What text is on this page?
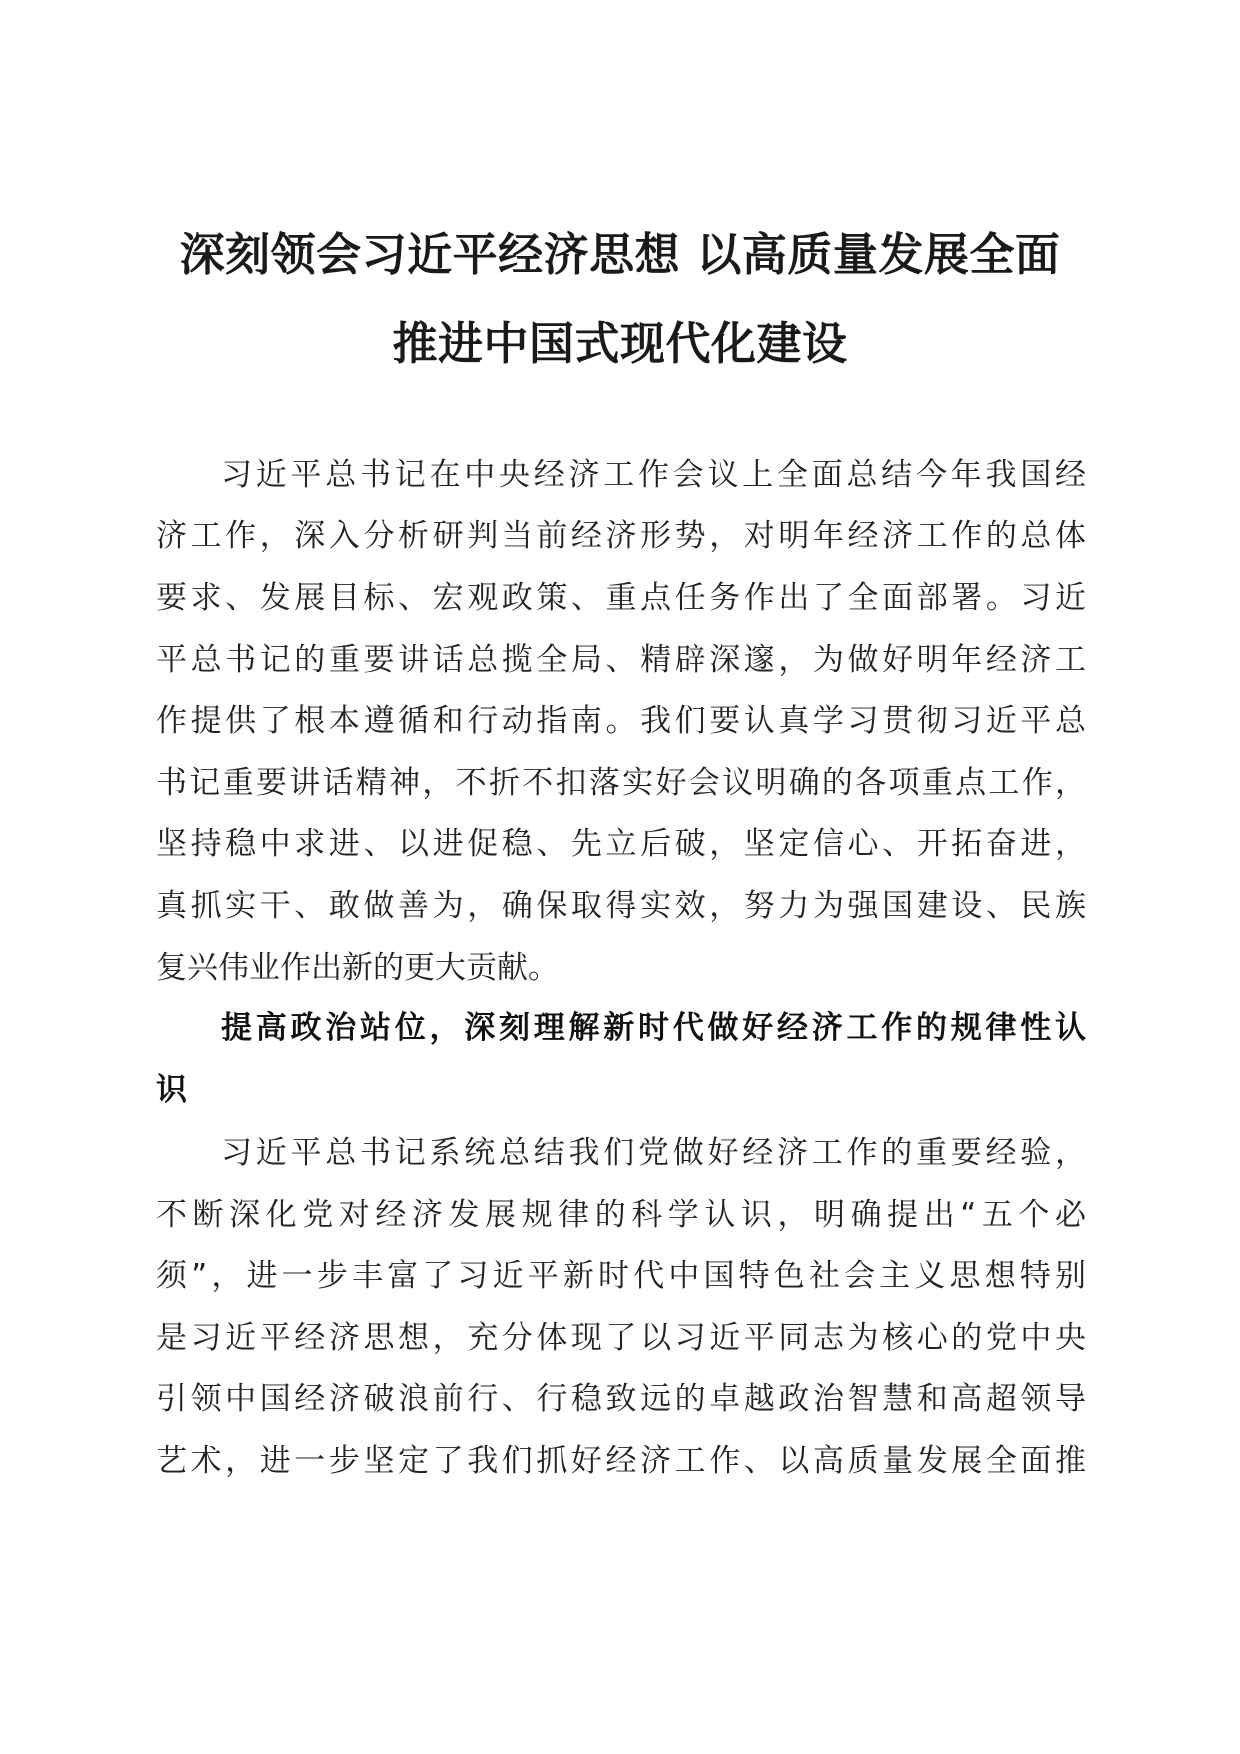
深刻领会习近平经济思想 以高质量发展全面
推进中国式现代化建设

习近平总书记在中央经济工作会议上全面总结今年我国经

济工作，深入分析研判当前经济形势，对明年经济工作的总体

要求、发展目标、宏观政策、重点任务作出了全面部署。习近

平总书记的重要讲话总揽全局、精辟深邃，为做好明年经济工

作提供了根本遵循和行动指南。我们要认真学习贯彻习近平总

书记重要讲话精神，不折不扣落实好会议明确的各项重点工作，

坚持稳中求进、以进促稳、先立后破，坚定信心、开拓奋进，

真抓实干、敢做善为，确保取得实效，努力为强国建设、民族

复兴伟业作出新的更大贡献。

提高政治站位，深刻理解新时代做好经济工作的规律性认

识

习近平总书记系统总结我们党做好经济工作的重要经验，

不断深化党对经济发展规律的科学认识，明确提出“五个必

须”，进一步丰富了习近平新时代中国特色社会主义思想特别

是习近平经济思想，充分体现了以习近平同志为核心的党中央

引领中国经济破浪前行、行稳致远的卓越政治智慧和高超领导

艺术，进一步坚定了我们抓好经济工作、以高质量发展全面推
